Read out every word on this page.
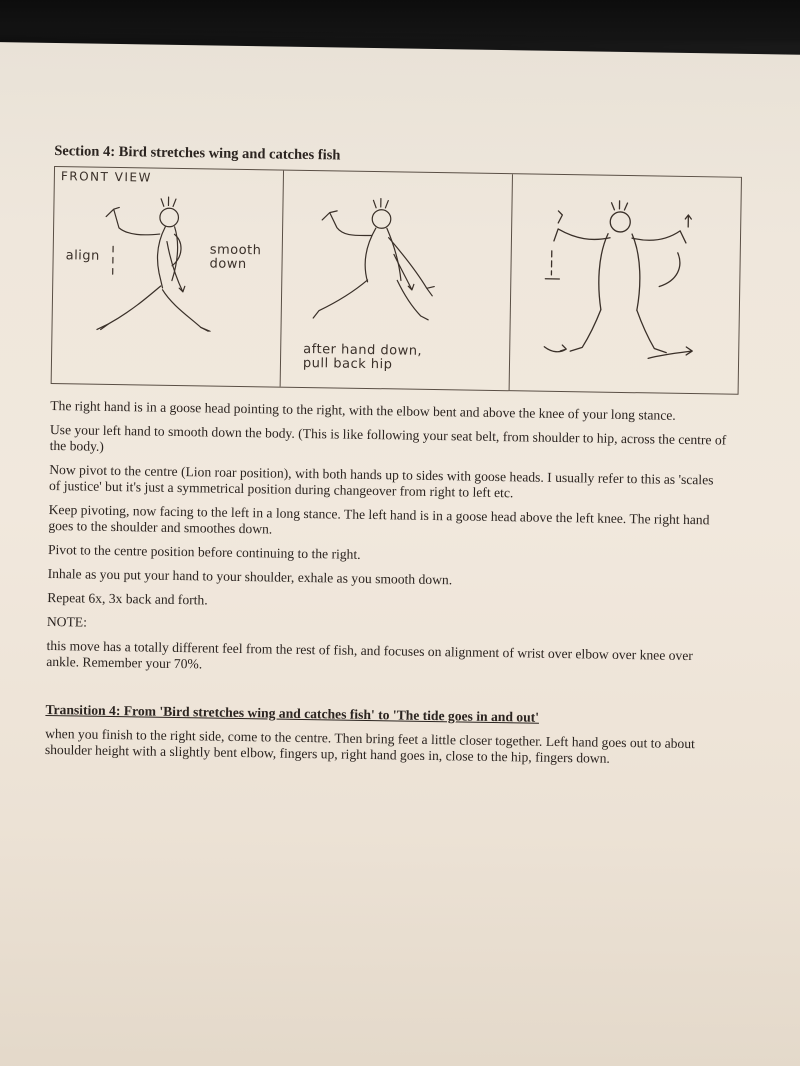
Section 4: Bird stretches wing and catches fish
FRONT VIEW
align	smooth
down
after hand down,
pull back hip

The right hand is in a goose head pointing to the right, with the elbow bent and above the knee of your long stance.

Use your left hand to smooth down the body. (This is like following your seat belt, from shoulder to hip, across the centre of the body.)

Now pivot to the centre (Lion roar position), with both hands up to sides with goose heads. I usually refer to this as 'scales of justice' but it's just a symmetrical position during changeover from right to left etc.

Keep pivoting, now facing to the left in a long stance. The left hand is in a goose head above the left knee. The right hand goes to the shoulder and smoothes down.

Pivot to the centre position before continuing to the right.

Inhale as you put your hand to your shoulder, exhale as you smooth down.

Repeat 6x, 3x back and forth.

NOTE:

this move has a totally different feel from the rest of fish, and focuses on alignment of wrist over elbow over knee over ankle. Remember your 70%.

Transition 4: From 'Bird stretches wing and catches fish' to 'The tide goes in and out'

when you finish to the right side, come to the centre. Then bring feet a little closer together. Left hand goes out to about shoulder height with a slightly bent elbow, fingers up, right hand goes in, close to the hip, fingers down.
